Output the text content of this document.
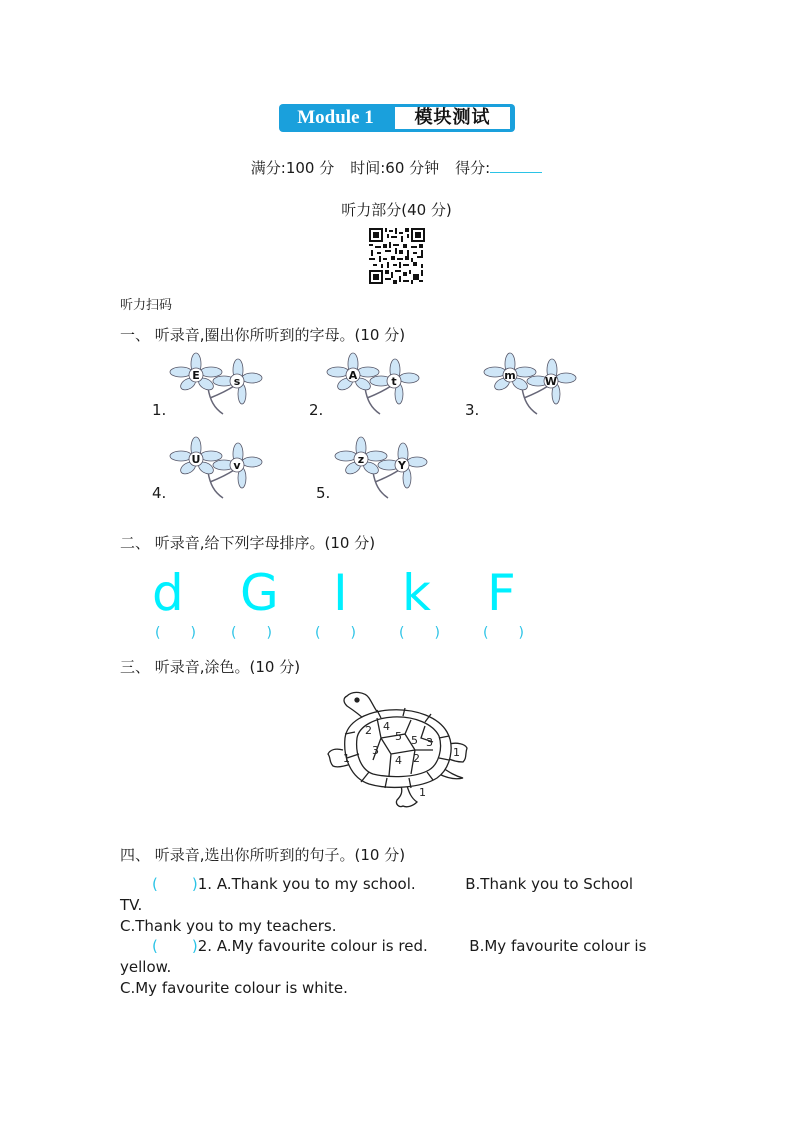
Module 1	模块测试
满分:100 分 时间:60 分钟 得分:
听力部分(40 分)
听力扫码
一、 听录音,圈出你所听到的字母。(10 分)
1.	2.	3.
4.	5.
E	s	A	t	m	W
U	v	z	Y
二、 听录音,给下列字母排序。(10 分)
d G I k F
( )	( )	( )	( )	( )
三、 听录音,涂色。(10 分)
2 4
5 5 3
3
4 2
1	1
1
四、 听录音,选出你所听到的句子。(10 分)
( )1. A.Thank you to my school.	B.Thank you to School
TV.
C.Thank you to my teachers.
( )2. A.My favourite colour is red.	B.My favourite colour is
yellow.
C.My favourite colour is white.
